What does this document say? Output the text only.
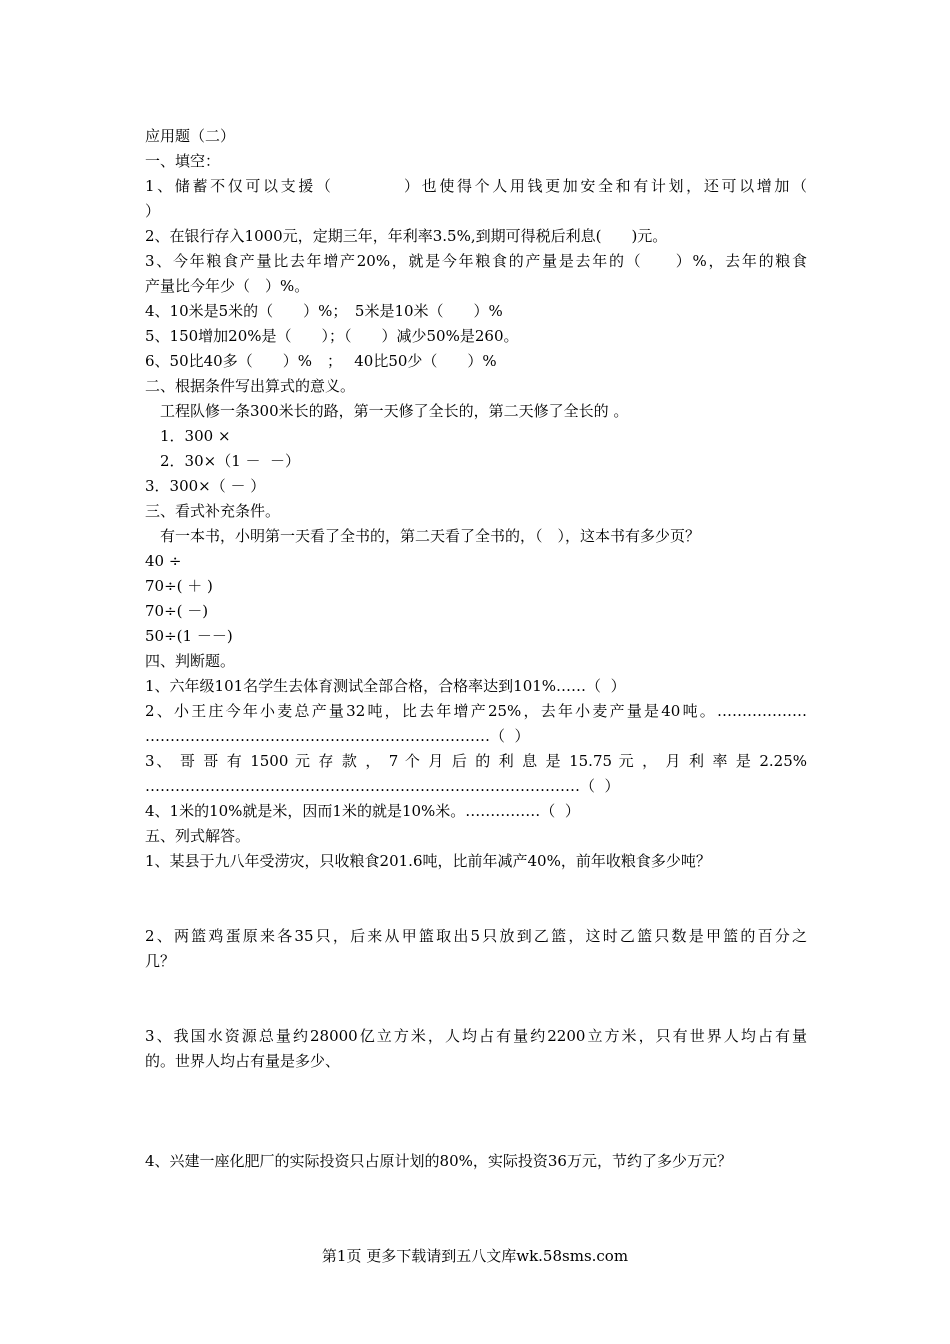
应用题（二）
一、填空：
1、储蓄不仅可以支援（　　　　）也使得个人用钱更加安全和有计划，还可以增加（
）
2、在银行存入1000元，定期三年，年利率3.5%,到期可得税后利息(　　)元。
3、今年粮食产量比去年增产20%，就是今年粮食的产量是去年的（　　）%，去年的粮食
产量比今年少（　）%。
4、10米是5米的（　　）%；　5米是10米（　　）%
5、150增加20%是（　　）；（　　）减少50%是260。
6、50比40多（　　）%　；　 40比50少（　　）%
二、根据条件写出算式的意义。
　工程队修一条300米长的路，第一天修了全长的，第二天修了全长的 。
　1．300 ×
　2．30×（1 －  －）
3．300×（ － ）
三、看式补充条件。
　有一本书，小明第一天看了全书的，第二天看了全书的，（　），这本书有多少页？
40 ÷
70÷( ＋ )
70÷( －)
50÷(1 －－)
四、判断题。
1、六年级101名学生去体育测试全部合格，合格率达到101%……（  ）
2、小王庄今年小麦总产量32吨，比去年增产25%，去年小麦产量是40吨。………………
……………………………………………………………（  ）
3、 哥 哥 有 1500 元 存 款 ， 7 个 月 后 的 利 息 是 15.75 元 ， 月 利 率 是 2.25%
……………………………………………………………………………（  ）
4、1米的10%就是米，因而1米的就是10%米。……………（  ）
五、列式解答。
1、某县于九八年受涝灾，只收粮食201.6吨，比前年减产40%，前年收粮食多少吨？
2、两篮鸡蛋原来各35只，后来从甲篮取出5只放到乙篮，这时乙篮只数是甲篮的百分之
几？
3、我国水资源总量约28000亿立方米，人均占有量约2200立方米，只有世界人均占有量
的。世界人均占有量是多少、
4、兴建一座化肥厂的实际投资只占原计划的80%，实际投资36万元，节约了多少万元？
第1页 更多下载请到五八文库wk.58sms.com
